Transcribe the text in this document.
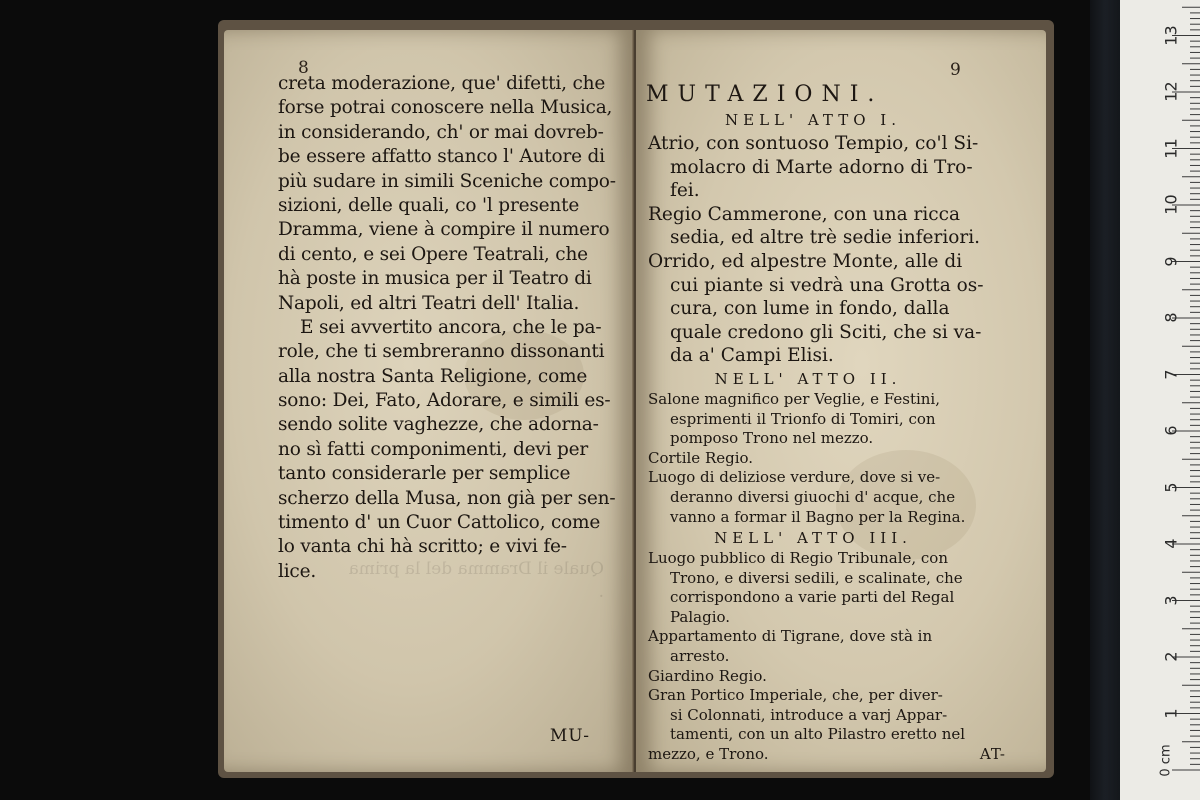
1
2
3
4
5
6
7
8
9
10
11
12
13
0 cm
8
creta moderazione, que' difetti, che
forse potrai conoscere nella Musica,
in considerando, ch' or mai dovreb-
be essere affatto stanco l' Autore di
più sudare in simili Sceniche compo-
sizioni, delle quali, co 'l presente
Dramma, viene à compire il numero
di cento, e sei Opere Teatrali, che
hà poste in musica per il Teatro di
Napoli, ed altri Teatri dell' Italia.
E sei avvertito ancora, che le pa-
role, che ti sembreranno dissonanti
alla nostra Santa Religione, come
sono: Dei, Fato, Adorare, e simili es-
sendo solite vaghezze, che adorna-
no sì fatti componimenti, devi per
tanto considerarle per semplice
scherzo della Musa, non già per sen-
timento d' un Cuor Cattolico, come
lo vanta chi hà scritto; e vivi fe-
lice.	Quale il Dramma del la prima
.
MU-
MUTAZIONI.
9
NELL' ATTO I.
Atrio, con sontuoso Tempio, co'l Si-
molacro di Marte adorno di Tro-
fei.
Regio Cammerone, con una ricca
sedia, ed altre trè sedie inferiori.
Orrido, ed alpestre Monte, alle di
cui piante si vedrà una Grotta os-
cura, con lume in fondo, dalla
quale credono gli Sciti, che si va-
da a' Campi Elisi.
NELL' ATTO II.
Salone magnifico per Veglie, e Festini,
esprimenti il Trionfo di Tomiri, con
pomposo Trono nel mezzo.
Cortile Regio.
Luogo di deliziose verdure, dove si ve-
deranno diversi giuochi d' acque, che
vanno a formar il Bagno per la Regina.
NELL' ATTO III.
Luogo pubblico di Regio Tribunale, con
Trono, e diversi sedili, e scalinate, che
corrispondono a varie parti del Regal
Palagio.
Appartamento di Tigrane, dove stà in
arresto.
Giardino Regio.
Gran Portico Imperiale, che, per diver-
si Colonnati, introduce a varj Appar-
tamenti, con un alto Pilastro eretto nel
mezzo, e Trono.	AT-
